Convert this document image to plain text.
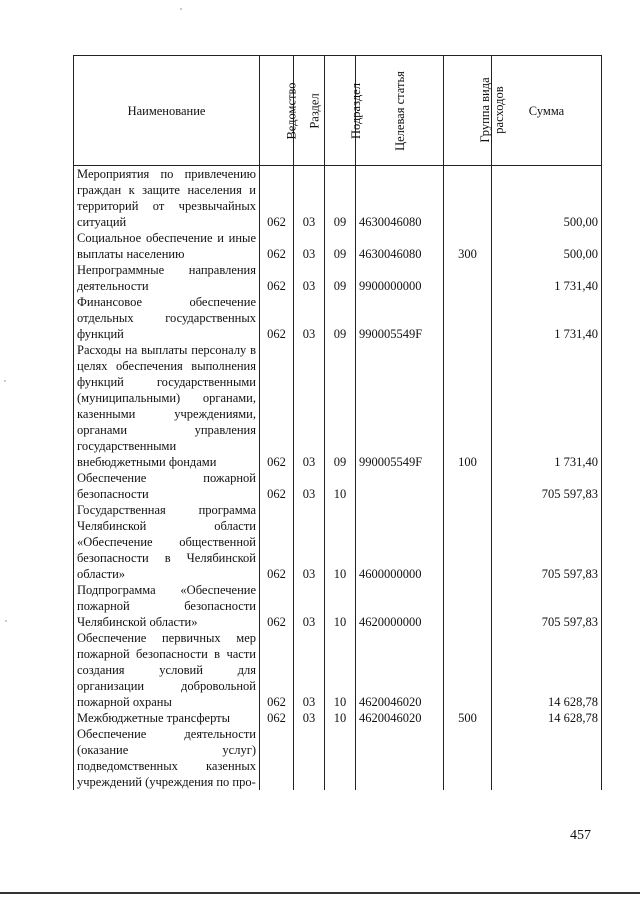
Наименование	Ведомство	Раздел	Подраздел	Целевая статья	Группа вида расходов	Сумма
Мероприятия по привлечению граждан к защите населения и территорий от чрезвычайных ситуаций	062	03	09	4630046080		500,00
Социальное обеспечение и иные выплаты населению	062	03	09	4630046080	300	500,00
Непрограммные направления деятельности	062	03	09	9900000000		1 731,40
Финансовое обеспечение отдельных государственных функций	062	03	09	990005549F		1 731,40
Расходы на выплаты персоналу в целях обеспечения выполнения функций государственными (муниципальными) органами, казенными учреждениями, органами управления государственными внебюджетными фондами	062	03	09	990005549F	100	1 731,40
Обеспечение пожарной безопасности	062	03	10			705 597,83
Государственная программа Челябинской области «Обеспечение общественной безопасности в Челябинской области»	062	03	10	4600000000		705 597,83
Подпрограмма «Обеспечение пожарной безопасности Челябинской области»	062	03	10	4620000000		705 597,83
Обеспечение первичных мер пожарной безопасности в части создания условий для организации добровольной пожарной охраны	062	03	10	4620046020		14 628,78
Межбюджетные трансферты	062	03	10	4620046020	500	14 628,78
Обеспечение деятельности (оказание услуг) подведомственных казенных учреждений (учреждения по про-						
457
